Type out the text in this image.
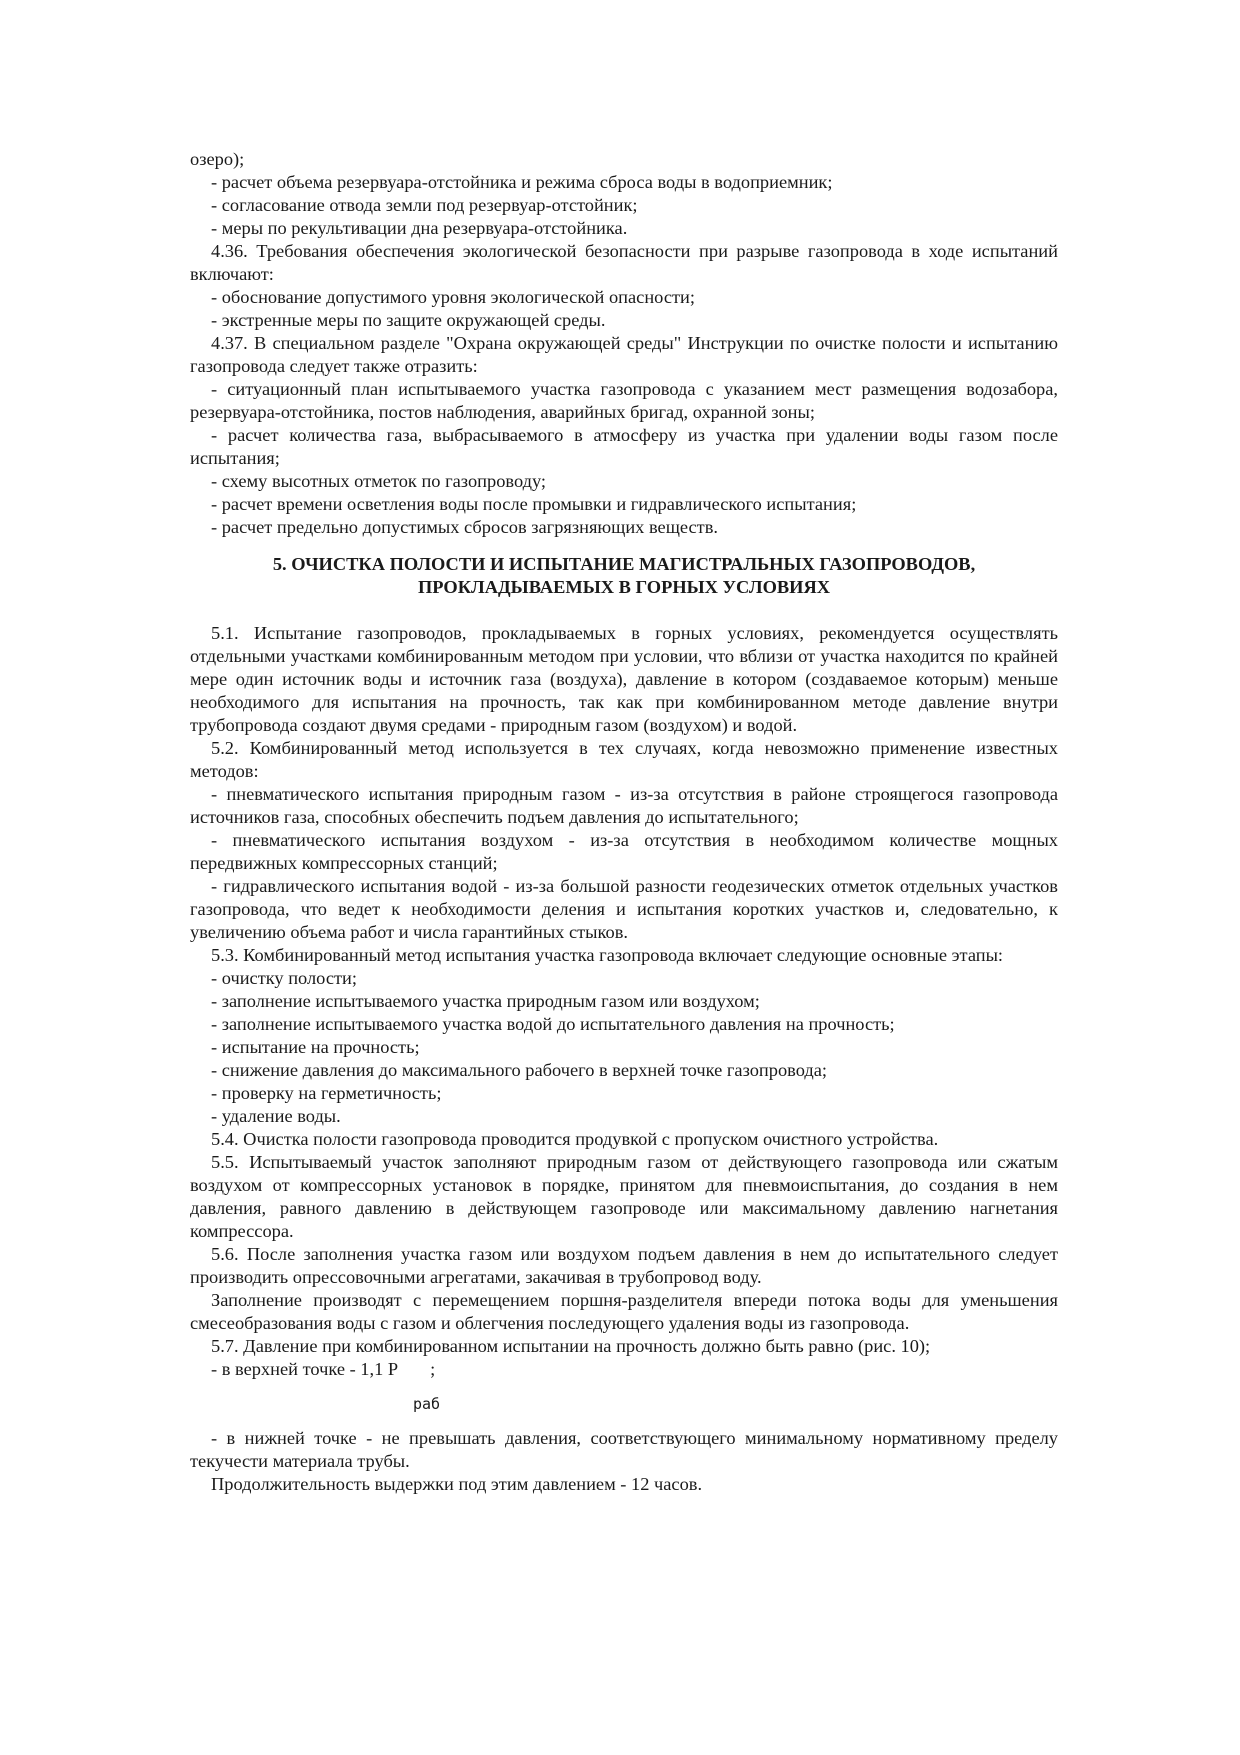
озеро);

- расчет объема резервуара-отстойника и режима сброса воды в водоприемник;

- согласование отвода земли под резервуар-отстойник;

- меры по рекультивации дна резервуара-отстойника.

4.36. Требования обеспечения экологической безопасности при разрыве газопровода в ходе испытаний включают:

- обоснование допустимого уровня экологической опасности;

- экстренные меры по защите окружающей среды.

4.37. В специальном разделе "Охрана окружающей среды" Инструкции по очистке полости и испытанию газопровода следует также отразить:

- ситуационный план испытываемого участка газопровода с указанием мест размещения водозабора, резервуара-отстойника, постов наблюдения, аварийных бригад, охранной зоны;

- расчет количества газа, выбрасываемого в атмосферу из участка при удалении воды газом после испытания;

- схему высотных отметок по газопроводу;

- расчет времени осветления воды после промывки и гидравлического испытания;

- расчет предельно допустимых сбросов загрязняющих веществ.

5. ОЧИСТКА ПОЛОСТИ И ИСПЫТАНИЕ МАГИСТРАЛЬНЫХ ГАЗОПРОВОДОВ,

ПРОКЛАДЫВАЕМЫХ В ГОРНЫХ УСЛОВИЯХ

5.1. Испытание газопроводов, прокладываемых в горных условиях, рекомендуется осуществлять отдельными участками комбинированным методом при условии, что вблизи от участка находится по крайней мере один источник воды и источник газа (воздуха), давление в котором (создаваемое которым) меньше необходимого для испытания на прочность, так как при комбинированном методе давление внутри трубопровода создают двумя средами - природным газом (воздухом) и водой.

5.2. Комбинированный метод используется в тех случаях, когда невозможно применение известных методов:

- пневматического испытания природным газом - из-за отсутствия в районе строящегося газопровода источников газа, способных обеспечить подъем давления до испытательного;

- пневматического испытания воздухом - из-за отсутствия в необходимом количестве мощных передвижных компрессорных станций;

- гидравлического испытания водой - из-за большой разности геодезических отметок отдельных участков газопровода, что ведет к необходимости деления и испытания коротких участков и, следовательно, к увеличению объема работ и числа гарантийных стыков.

5.3. Комбинированный метод испытания участка газопровода включает следующие основные этапы:

- очистку полости;

- заполнение испытываемого участка природным газом или воздухом;

- заполнение испытываемого участка водой до испытательного давления на прочность;

- испытание на прочность;

- снижение давления до максимального рабочего в верхней точке газопровода;

- проверку на герметичность;

- удаление воды.

5.4. Очистка полости газопровода проводится продувкой с пропуском очистного устройства.

5.5. Испытываемый участок заполняют природным газом от действующего газопровода или сжатым воздухом от компрессорных установок в порядке, принятом для пневмоиспытания, до создания в нем давления, равного давлению в действующем газопроводе или максимальному давлению нагнетания компрессора.

5.6. После заполнения участка газом или воздухом подъем давления в нем до испытательного следует производить опрессовочными агрегатами, закачивая в трубопровод воду.

Заполнение производят с перемещением поршня-разделителя впереди потока воды для уменьшения смесеобразования воды с газом и облегчения последующего удаления воды из газопровода.

5.7. Давление при комбинированном испытании на прочность должно быть равно (рис. 10);

- в верхней точке - 1,1 Р ;

раб

- в нижней точке - не превышать давления, соответствующего минимальному нормативному пределу текучести материала трубы.

Продолжительность выдержки под этим давлением - 12 часов.
